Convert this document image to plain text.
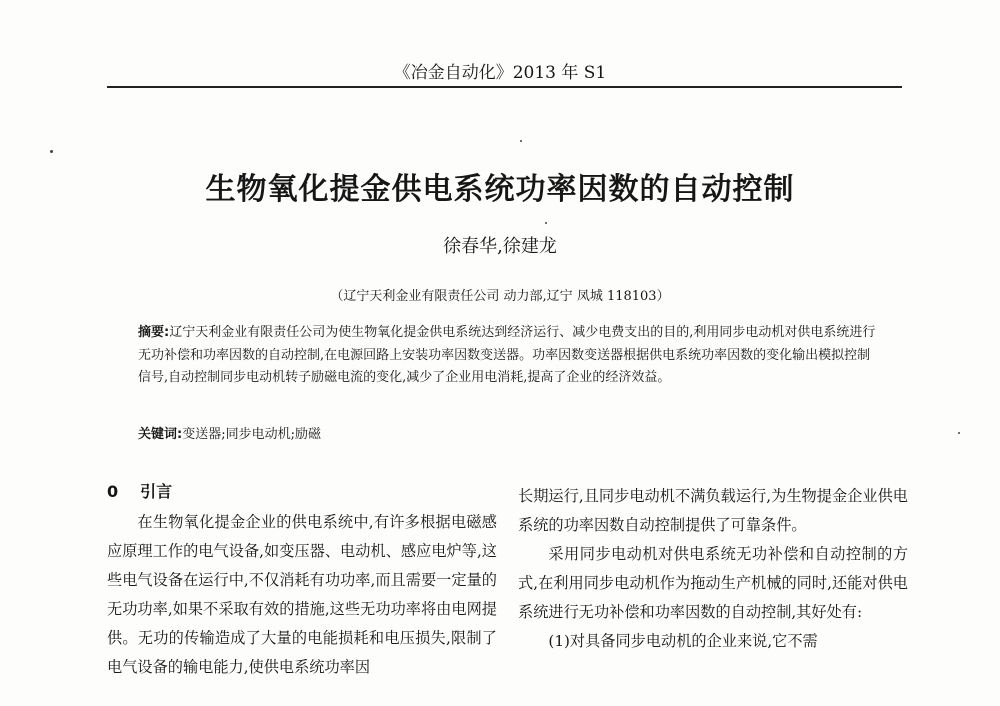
《冶金自动化》2013 年 S1
生物氧化提金供电系统功率因数的自动控制
徐春华,徐建龙
（辽宁天利金业有限责任公司 动力部,辽宁 凤城 118103）
摘要:辽宁天利金业有限责任公司为使生物氧化提金供电系统达到经济运行、减少电费支出的目的,利用同步电动机对供电系统进行无功补偿和功率因数的自动控制,在电源回路上安装功率因数变送器。功率因数变送器根据供电系统功率因数的变化输出模拟控制信号,自动控制同步电动机转子励磁电流的变化,减少了企业用电消耗,提高了企业的经济效益。
关键词:变送器;同步电动机;励磁
0 引言

在生物氧化提金企业的供电系统中,有许多根据电磁感应原理工作的电气设备,如变压器、电动机、感应电炉等,这些电气设备在运行中,不仅消耗有功功率,而且需要一定量的无功功率,如果不采取有效的措施,这些无功功率将由电网提供。无功的传输造成了大量的电能损耗和电压损失,限制了电气设备的输电能力,使供电系统功率因

长期运行,且同步电动机不满负载运行,为生物提金企业供电系统的功率因数自动控制提供了可靠条件。

采用同步电动机对供电系统无功补偿和自动控制的方式,在利用同步电动机作为拖动生产机械的同时,还能对供电系统进行无功补偿和功率因数的自动控制,其好处有:

(1)对具备同步电动机的企业来说,它不需
